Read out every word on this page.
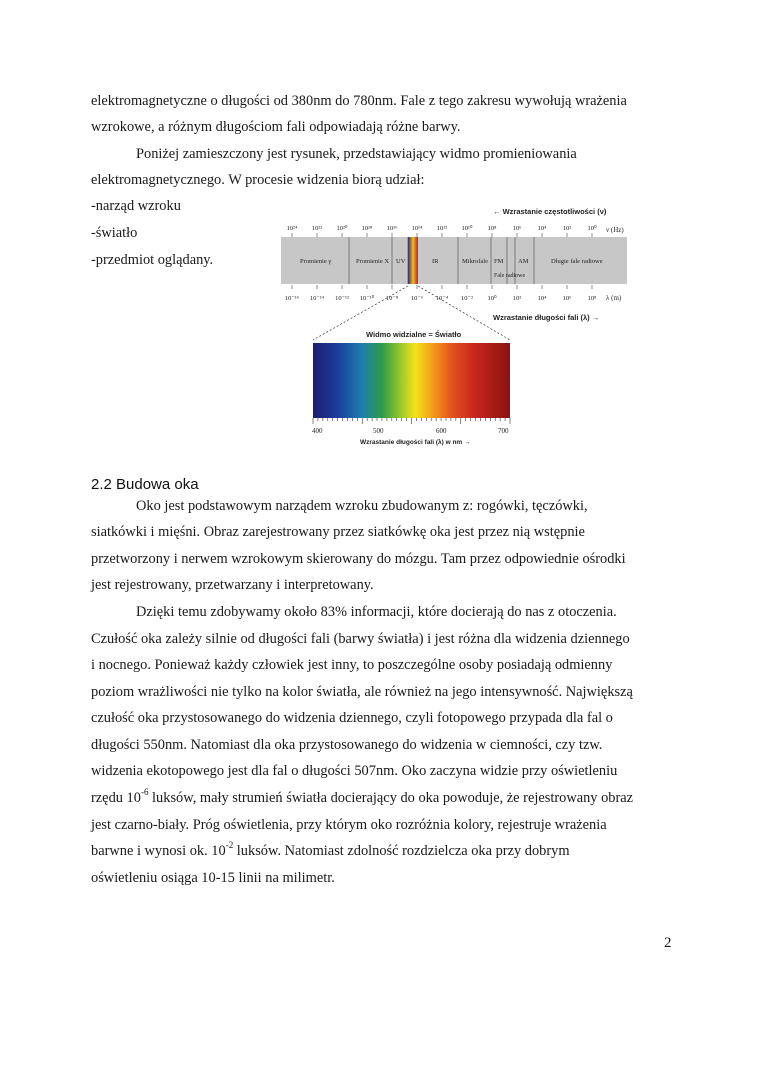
elektromagnetyczne o długości od 380nm do 780nm. Fale z tego zakresu wywołują wrażenia
wzrokowe, a różnym długościom fali odpowiadają różne barwy.
Poniżej zamieszczony jest rysunek, przedstawiający widmo promieniowania
elektromagnetycznego. W procesie widzenia biorą udział:
-narząd wzroku
-światło
-przedmiot oglądany.
← Wzrastanie częstotliwości (ν)
10²⁴ 10²² 10²⁰ 10¹⁸ 10¹⁶ 10¹⁴ 10¹² 10¹⁰ 10⁸ 10⁶ 10⁴	10² 10⁰ ν (Hz)
Promienie γ	Promienie X UV	IR	Mikrofale FM AM
Fale radiowe
Długie fale radiowe
10⁻¹⁶ 10⁻¹⁴ 10⁻¹² 10⁻¹⁰ 10⁻⁸ 10⁻⁶ 10⁻⁴ 10⁻² 10⁰ 10²	10⁴ 10⁶ 10⁸ λ (m)
Wzrastanie długości fali (λ) →
Widmo widzialne = Światło
400	500	600	700
Wzrastanie długości fali (λ) w nm →
2.2 Budowa oka
Oko jest podstawowym narządem wzroku zbudowanym z: rogówki, tęczówki,
siatkówki i mięśni. Obraz zarejestrowany przez siatkówkę oka jest przez nią wstępnie
przetworzony i nerwem wzrokowym skierowany do mózgu. Tam przez odpowiednie ośrodki
jest rejestrowany, przetwarzany i interpretowany.
Dzięki temu zdobywamy około 83% informacji, które docierają do nas z otoczenia.
Czułość oka zależy silnie od długości fali (barwy światła) i jest różna dla widzenia dziennego
i nocnego. Ponieważ każdy człowiek jest inny, to poszczególne osoby posiadają odmienny
poziom wrażliwości nie tylko na kolor światła, ale również na jego intensywność. Największą
czułość oka przystosowanego do widzenia dziennego, czyli fotopowego przypada dla fal o
długości 550nm. Natomiast dla oka przystosowanego do widzenia w ciemności, czy tzw.
widzenia ekotopowego jest dla fal o długości 507nm. Oko zaczyna widzie przy oświetleniu
rzędu $10^{-6}$ luksów, mały strumień światła docierający do oka powoduje, że rejestrowany obraz
jest czarno-biały. Próg oświetlenia, przy którym oko rozróżnia kolory, rejestruje wrażenia
barwne i wynosi ok. $10^{-2}$ luksów. Natomiast zdolność rozdzielcza oka przy dobrym
oświetleniu osiąga 10-15 linii na milimetr.
2
